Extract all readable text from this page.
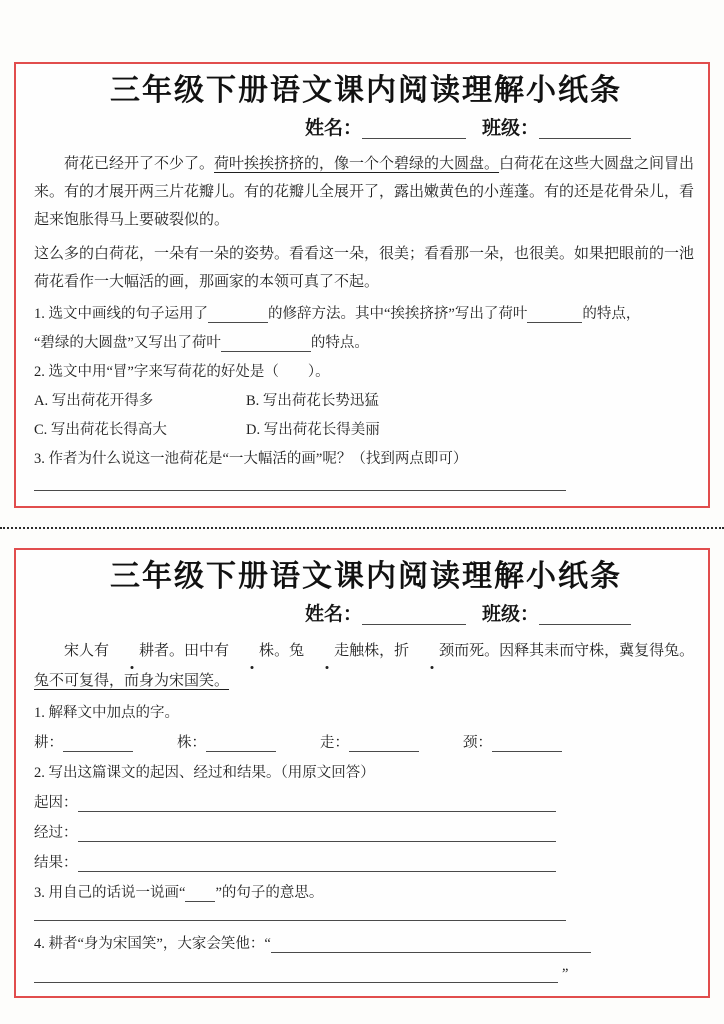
三年级下册语文课内阅读理解小纸条
姓名：	班级：

荷花已经开了不少了。荷叶挨挨挤挤的，像一个个碧绿的大圆盘。白荷花在这些大圆盘之间冒出来。有的才展开两三片花瓣儿。有的花瓣儿全展开了，露出嫩黄色的小莲蓬。有的还是花骨朵儿，看起来饱胀得马上要破裂似的。

这么多的白荷花，一朵有一朵的姿势。看看这一朵，很美；看看那一朵，也很美。如果把眼前的一池荷花看作一大幅活的画，那画家的本领可真了不起。

1. 选文中画线的句子运用了	的修辞方法。其中“挨挨挤挤”写出了荷叶	的特点，

“碧绿的大圆盘”又写出了荷叶	的特点。

2. 选文中用“冒”字来写荷花的好处是（　　）。

A. 写出荷花开得多	B. 写出荷花长势迅猛
C. 写出荷花长得高大	D. 写出荷花长得美丽

3. 作者为什么说这一池荷花是“一大幅活的画”呢？（找到两点即可）

三年级下册语文课内阅读理解小纸条
姓名：	班级：

宋人有 耕者。田中有 株。兔 走触株，折 颈而死。因释其耒而守株，冀复得兔。兔不可复得，而身为宋国笑。

1. 解释文中加点的字。

耕：	株：	走：	颈：

2. 写出这篇课文的起因、经过和结果。（用原文回答）

起因：
经过：
结果：

3. 用自己的话说一说画“ ”的句子的意思。

4. 耕者“身为宋国笑”，大家会笑他：“

”
